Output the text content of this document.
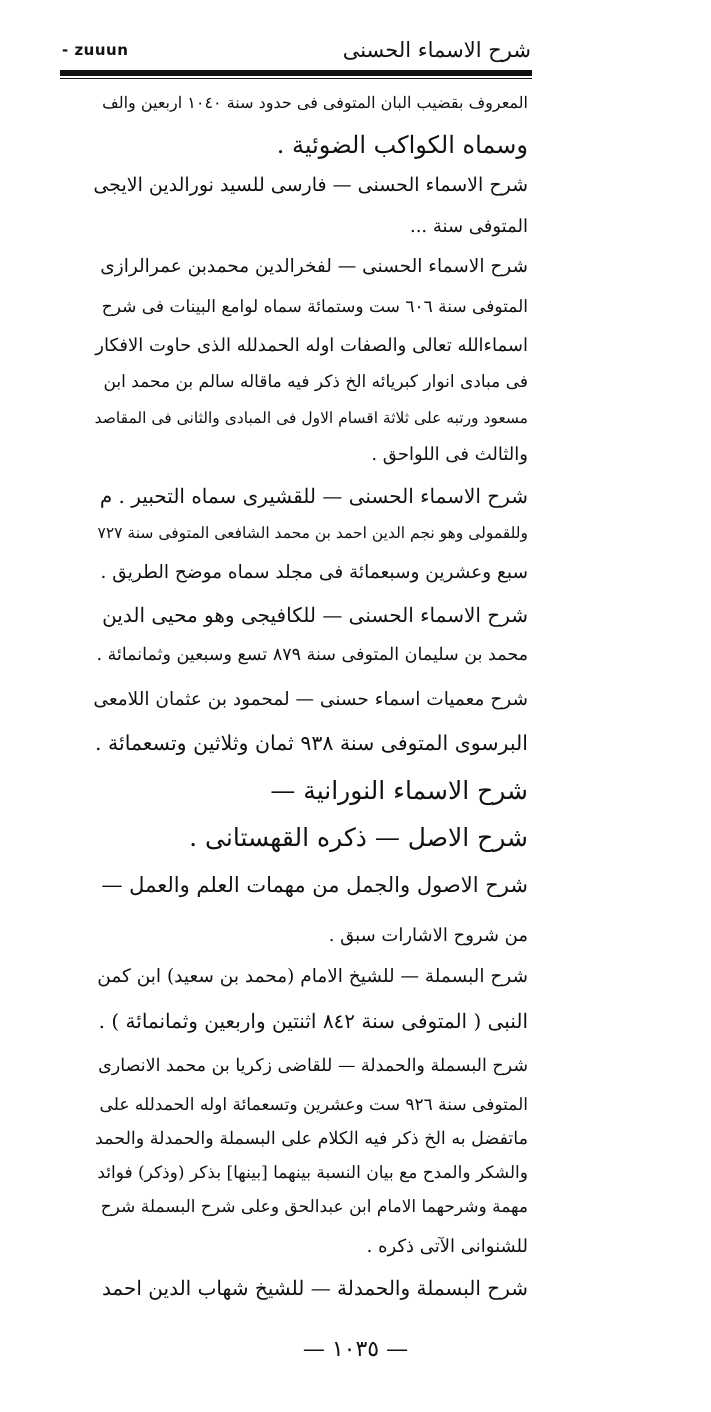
- zuuun	شرح الاسماء الحسنى
المعروف بقضيب البان المتوفى فى حدود سنة ١٠٤٠ اربعين والف
وسماه الكواكب الضوئية .
شرح الاسماء الحسنى — فارسى للسيد نورالدين الايجى
المتوفى سنة ...
شرح الاسماء الحسنى — لفخرالدين محمدبن عمرالرازى
المتوفى سنة ٦٠٦ ست وستمائة سماه لوامع البينات فى شرح
اسماءالله تعالى والصفات اوله الحمدلله الذى حاوت الافكار
فى مبادى انوار كبريائه الخ ذكر فيه ماقاله سالم بن محمد ابن
مسعود ورتبه على ثلاثة اقسام الاول فى المبادى والثانى فى المقاصد
والثالث فى اللواحق .
شرح الاسماء الحسنى — للقشيرى سماه التحبير . م
وللقمولى وهو نجم الدين احمد بن محمد الشافعى المتوفى سنة ٧٢٧
سبع وعشرين وسبعمائة فى مجلد سماه موضح الطريق .
شرح الاسماء الحسنى — للكافيجى وهو محيى الدين
محمد بن سليمان المتوفى سنة ٨٧٩ تسع وسبعين وثمانمائة .
شرح معميات اسماء حسنى — لمحمود بن عثمان اللامعى
البرسوى المتوفى سنة ٩٣٨ ثمان وثلاثين وتسعمائة .
شرح الاسماء النورانية —
شرح الاصل — ذكره القهستانى .
شرح الاصول والجمل من مهمات العلم والعمل —
من شروح الاشارات سبق .
شرح البسملة — للشيخ الامام (محمد بن سعيد) ابن كمن
النبى ( المتوفى سنة ٨٤٢ اثنتين واربعين وثمانمائة ) .
شرح البسملة والحمدلة — للقاضى زكريا بن محمد الانصارى
المتوفى سنة ٩٢٦ ست وعشرين وتسعمائة اوله الحمدلله على
ماتفضل به الخ ذكر فيه الكلام على البسملة والحمدلة والحمد
والشكر والمدح مع بيان النسبة بينهما [بينها] بذكر (وذكر) فوائد
مهمة وشرحهما الامام ابن عبدالحق وعلى شرح البسملة شرح
للشنوانى الآتى ذكره .
شرح البسملة والحمدلة — للشيخ شهاب الدين احمد
— ١٠٣٥ —
